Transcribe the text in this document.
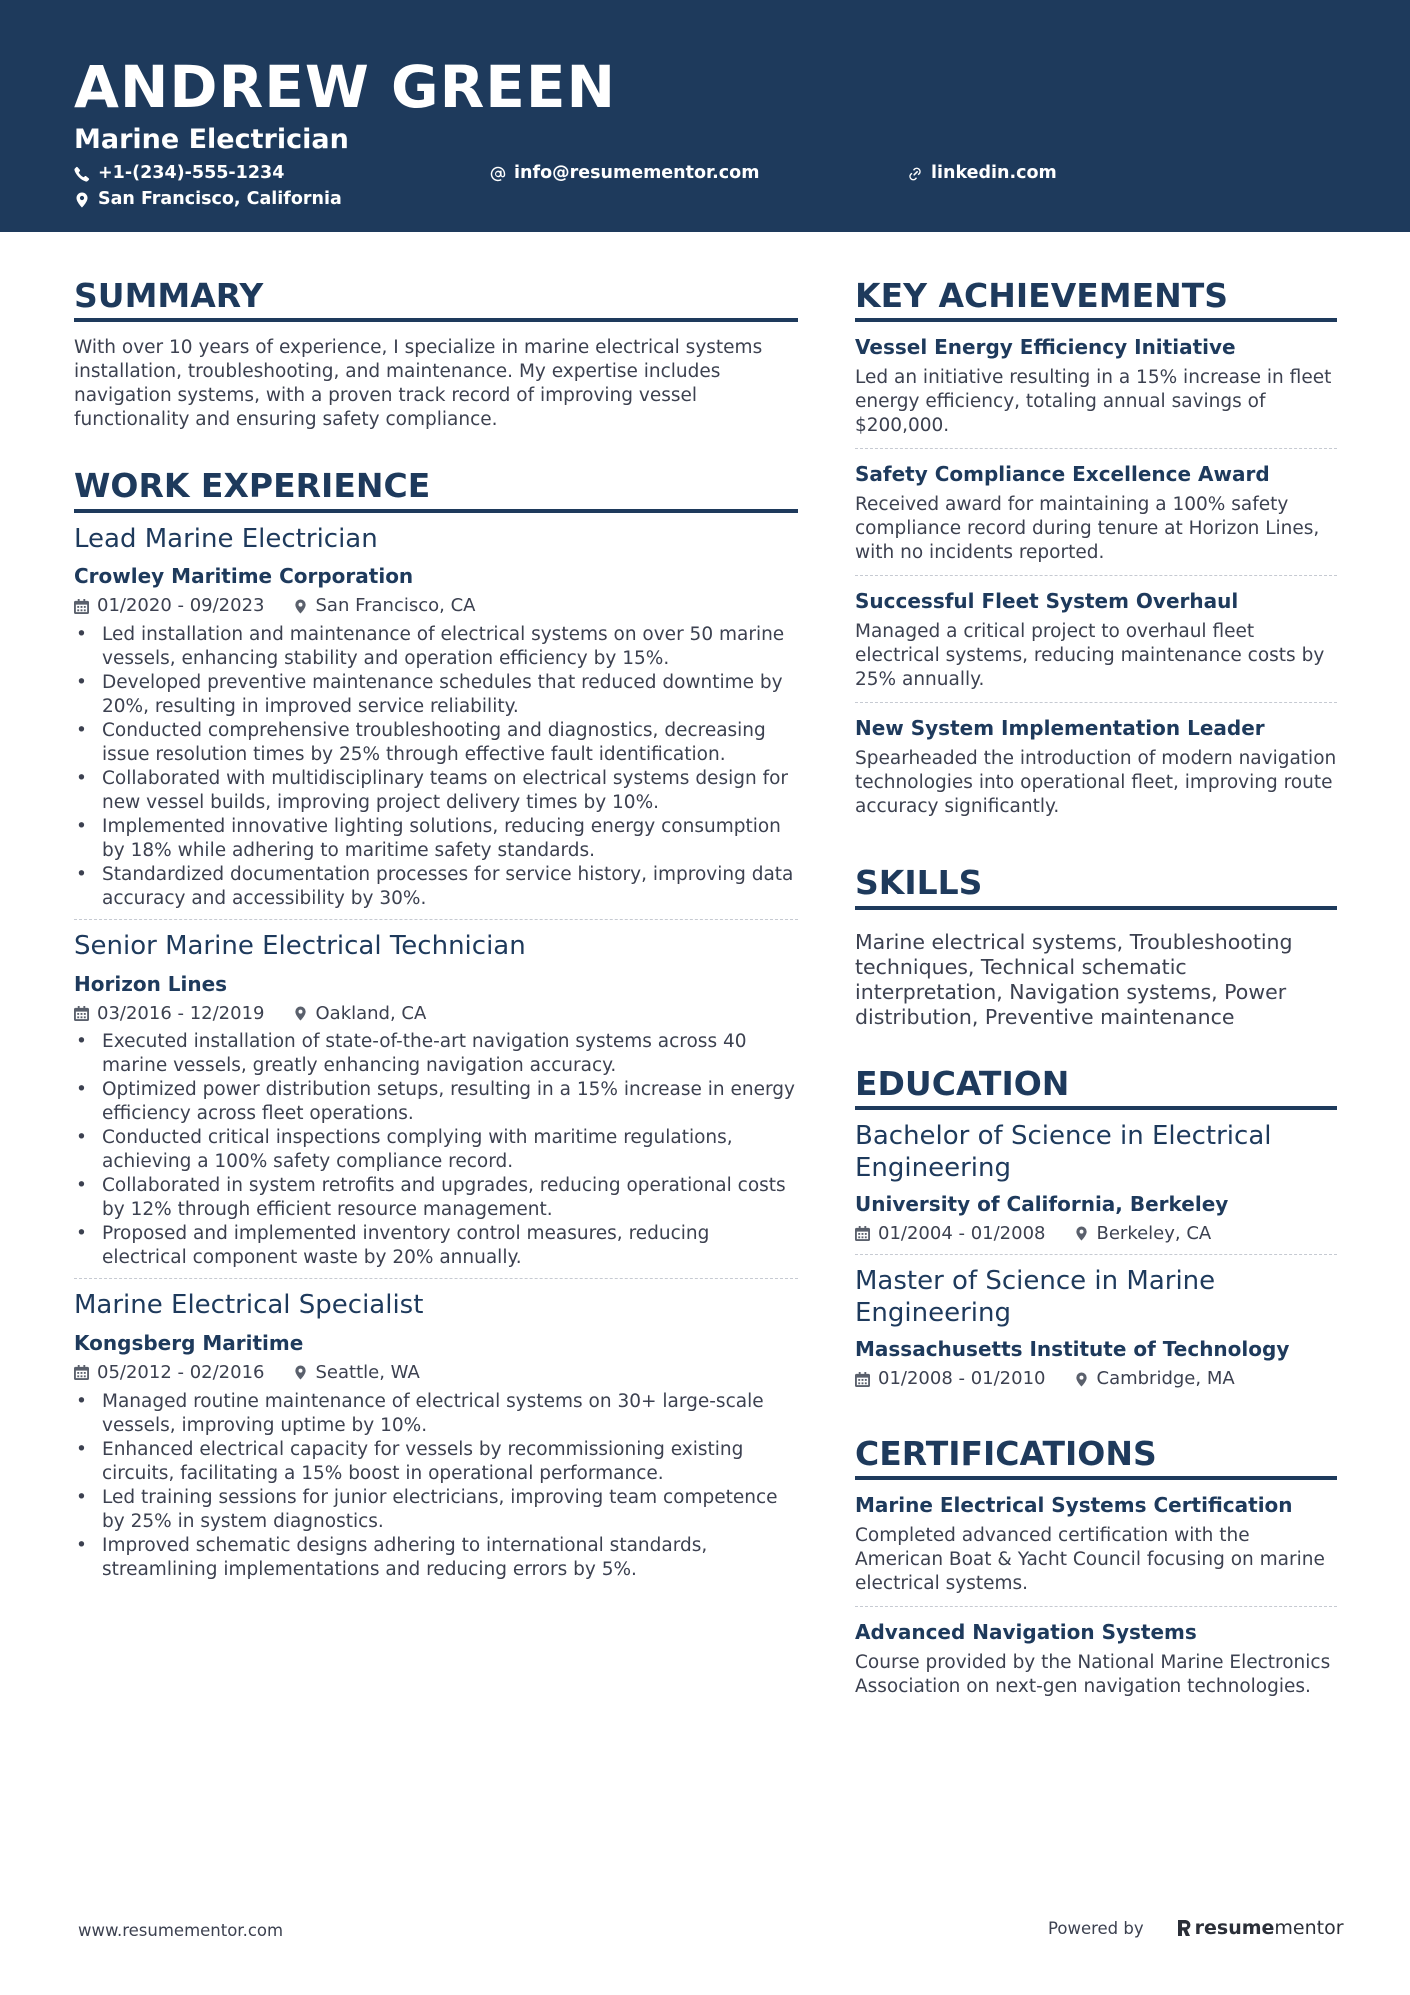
ANDREW GREEN
Marine Electrician
+1-(234)-555-1234	info@resumementor.com	linkedin.com
San Francisco, California
SUMMARY

With over 10 years of experience, I specialize in marine electrical systems installation, troubleshooting, and maintenance. My expertise includes navigation systems, with a proven track record of improving vessel functionality and ensuring safety compliance.

WORK EXPERIENCE
Lead Marine Electrician
Crowley Maritime Corporation
01/2020 - 09/2023	San Francisco, CA
• Led installation and maintenance of electrical systems on over 50 marine vessels, enhancing stability and operation efficiency by 15%.
• Developed preventive maintenance schedules that reduced downtime by 20%, resulting in improved service reliability.
• Conducted comprehensive troubleshooting and diagnostics, decreasing issue resolution times by 25% through effective fault identification.
• Collaborated with multidisciplinary teams on electrical systems design for new vessel builds, improving project delivery times by 10%.
• Implemented innovative lighting solutions, reducing energy consumption by 18% while adhering to maritime safety standards.
• Standardized documentation processes for service history, improving data accuracy and accessibility by 30%.
Senior Marine Electrical Technician
Horizon Lines
03/2016 - 12/2019	Oakland, CA
• Executed installation of state-of-the-art navigation systems across 40 marine vessels, greatly enhancing navigation accuracy.
• Optimized power distribution setups, resulting in a 15% increase in energy efficiency across fleet operations.
• Conducted critical inspections complying with maritime regulations, achieving a 100% safety compliance record.
• Collaborated in system retrofits and upgrades, reducing operational costs by 12% through efficient resource management.
• Proposed and implemented inventory control measures, reducing electrical component waste by 20% annually.
Marine Electrical Specialist
Kongsberg Maritime
05/2012 - 02/2016	Seattle, WA
• Managed routine maintenance of electrical systems on 30+ large-scale vessels, improving uptime by 10%.
• Enhanced electrical capacity for vessels by recommissioning existing circuits, facilitating a 15% boost in operational performance.
• Led training sessions for junior electricians, improving team competence by 25% in system diagnostics.
• Improved schematic designs adhering to international standards, streamlining implementations and reducing errors by 5%.
KEY ACHIEVEMENTS
Vessel Energy Efficiency Initiative
Led an initiative resulting in a 15% increase in fleet energy efficiency, totaling annual savings of $200,000.
Safety Compliance Excellence Award
Received award for maintaining a 100% safety compliance record during tenure at Horizon Lines, with no incidents reported.
Successful Fleet System Overhaul
Managed a critical project to overhaul fleet electrical systems, reducing maintenance costs by 25% annually.
New System Implementation Leader
Spearheaded the introduction of modern navigation technologies into operational fleet, improving route accuracy significantly.
SKILLS

Marine electrical systems, Troubleshooting techniques, Technical schematic interpretation, Navigation systems, Power distribution, Preventive maintenance

EDUCATION
Bachelor of Science in Electrical Engineering
University of California, Berkeley
01/2004 - 01/2008	Berkeley, CA
Master of Science in Marine Engineering
Massachusetts Institute of Technology
01/2008 - 01/2010	Cambridge, MA
CERTIFICATIONS
Marine Electrical Systems Certification
Completed advanced certification with the American Boat & Yacht Council focusing on marine electrical systems.
Advanced Navigation Systems
Course provided by the National Marine Electronics Association on next-gen navigation technologies.
www.resumementor.com	Powered by	resume mentor
